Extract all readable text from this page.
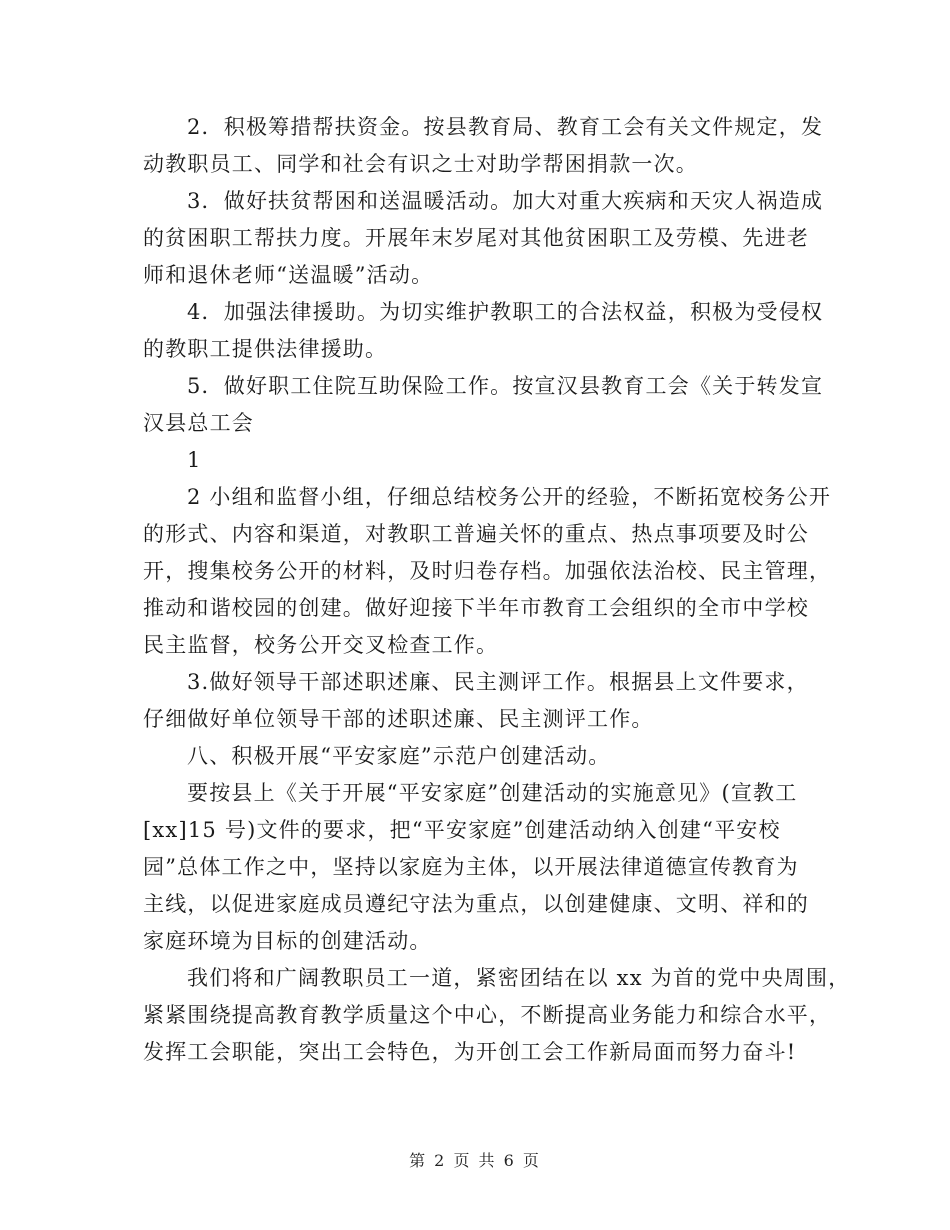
2．积极筹措帮扶资金。按县教育局、教育工会有关文件规定，发
动教职员工、同学和社会有识之士对助学帮困捐款一次。
3．做好扶贫帮困和送温暖活动。加大对重大疾病和天灾人祸造成
的贫困职工帮扶力度。开展年末岁尾对其他贫困职工及劳模、先进老
师和退休老师“送温暖”活动。
4．加强法律援助。为切实维护教职工的合法权益，积极为受侵权
的教职工提供法律援助。
5．做好职工住院互助保险工作。按宣汉县教育工会《关于转发宣
汉县总工会
1
2 小组和监督小组，仔细总结校务公开的经验，不断拓宽校务公开
的形式、内容和渠道，对教职工普遍关怀的重点、热点事项要及时公
开，搜集校务公开的材料，及时归卷存档。加强依法治校、民主管理，
推动和谐校园的创建。做好迎接下半年市教育工会组织的全市中学校
民主监督，校务公开交叉检查工作。
3.做好领导干部述职述廉、民主测评工作。根据县上文件要求，
仔细做好单位领导干部的述职述廉、民主测评工作。
八、积极开展“平安家庭”示范户创建活动。
要按县上《关于开展“平安家庭”创建活动的实施意见》(宣教工
[xx]15 号)文件的要求，把“平安家庭”创建活动纳入创建“平安校
园”总体工作之中，坚持以家庭为主体，以开展法律道德宣传教育为
主线，以促进家庭成员遵纪守法为重点，以创建健康、文明、祥和的
家庭环境为目标的创建活动。
我们将和广阔教职员工一道，紧密团结在以 xx 为首的党中央周围，
紧紧围绕提高教育教学质量这个中心，不断提高业务能力和综合水平，
发挥工会职能，突出工会特色，为开创工会工作新局面而努力奋斗!
第 2 页 共 6 页
